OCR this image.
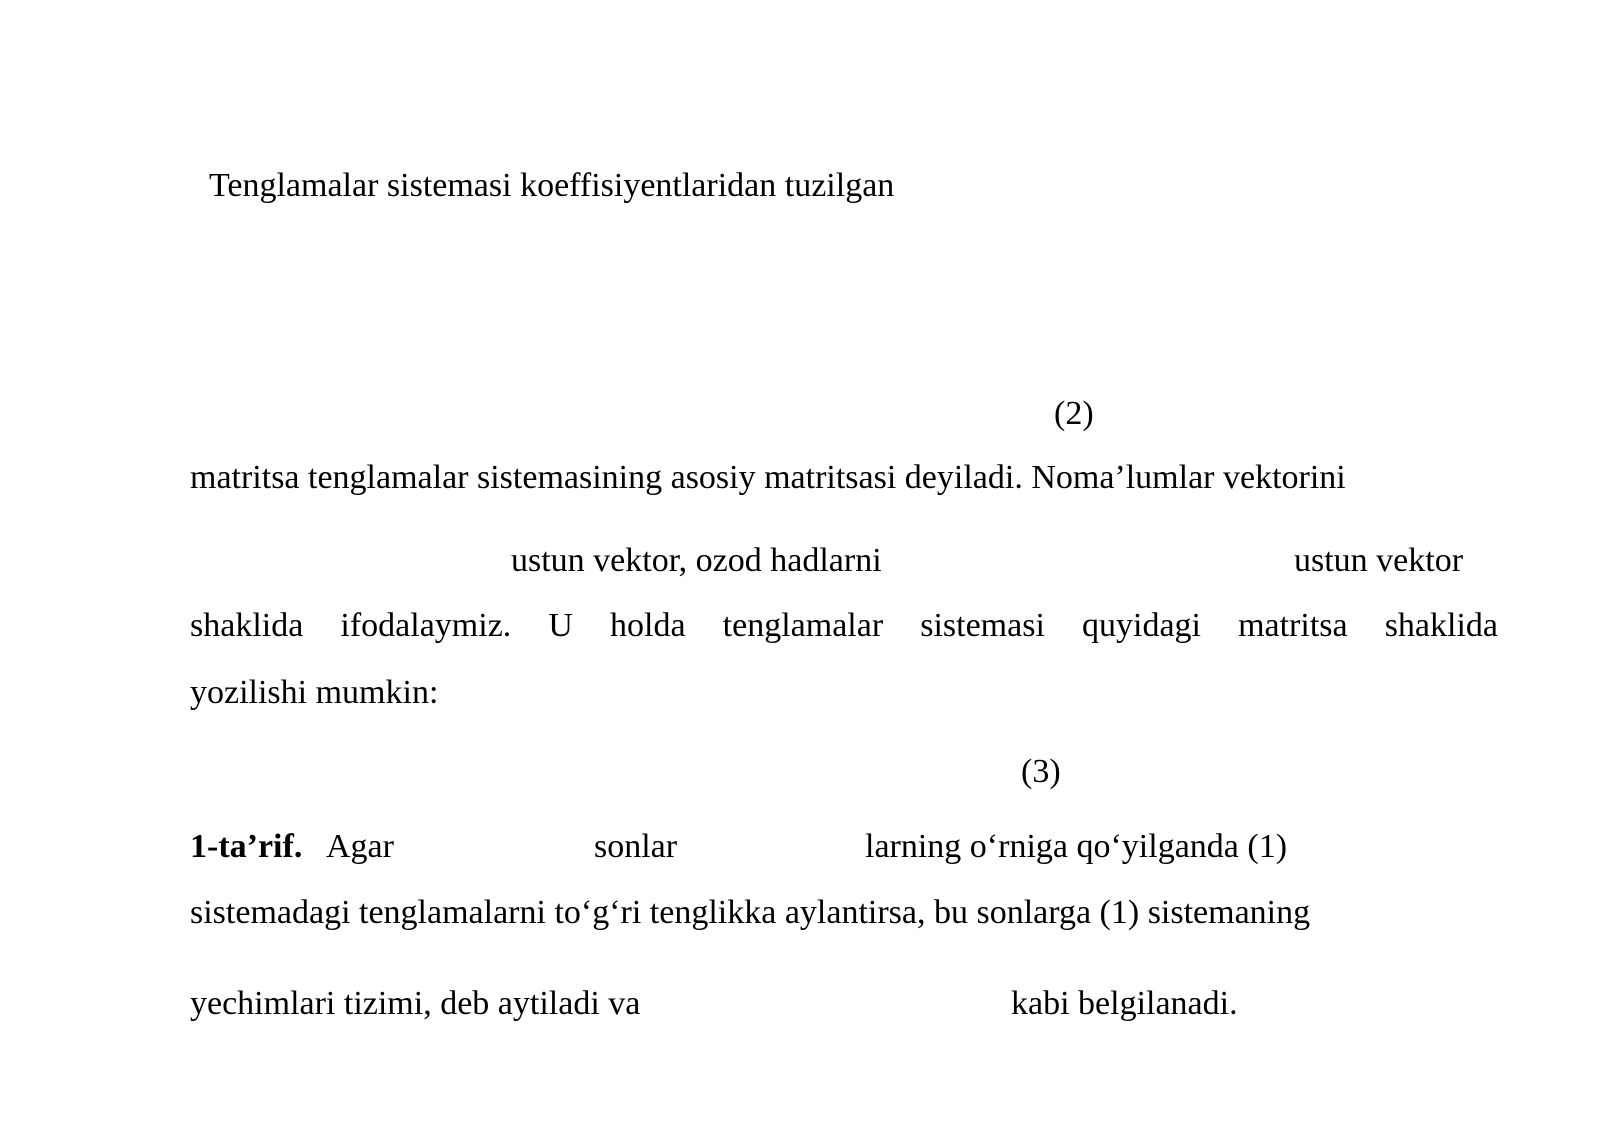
Tenglamalar sistemasi koeffisiyentlaridan tuzilgan

(2)

matritsa tenglamalar sistemasining asosiy matritsasi deyiladi. Noma’lumlar vektorini

ustun vektor, ozod hadlarni	ustun vektor
shaklida ifodalaymiz. U holda tenglamalar sistemasi quyidagi matritsa shaklida

yozilishi mumkin:

(3)

1-ta’rif. Agar	sonlar	larning o‘rniga qo‘yilganda (1)

sistemadagi tenglamalarni to‘g‘ri tenglikka aylantirsa, bu sonlarga (1) sistemaning

yechimlari tizimi, deb aytiladi va	kabi belgilanadi.
